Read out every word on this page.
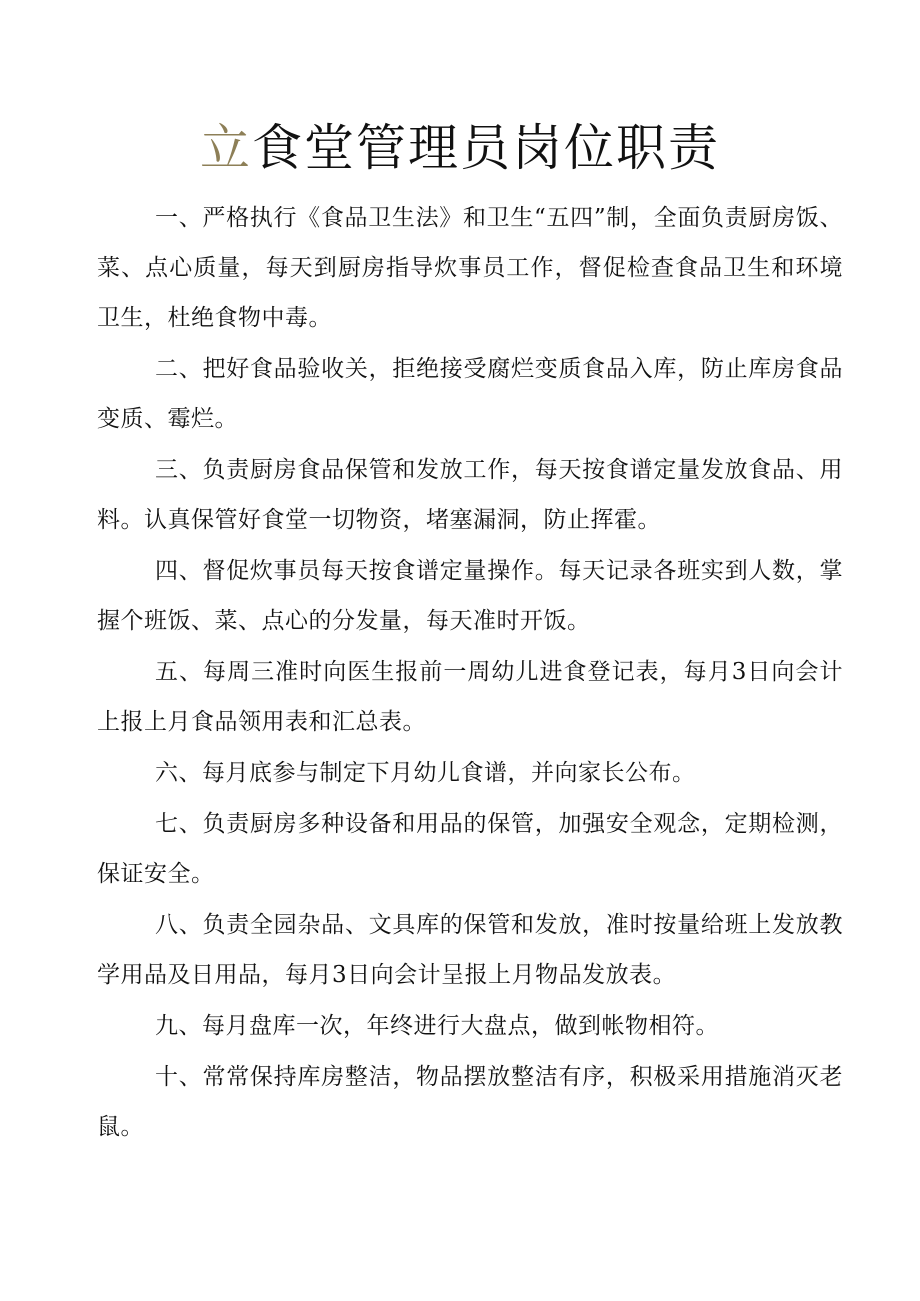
立食堂管理员岗位职责

一、严格执行《食品卫生法》和卫生“五四”制，全面负责厨房饭、菜、点心质量，每天到厨房指导炊事员工作，督促检查食品卫生和环境卫生，杜绝食物中毒。

二、把好食品验收关，拒绝接受腐烂变质食品入库，防止库房食品变质、霉烂。

三、负责厨房食品保管和发放工作，每天按食谱定量发放食品、用料。认真保管好食堂一切物资，堵塞漏洞，防止挥霍。

四、督促炊事员每天按食谱定量操作。每天记录各班实到人数，掌握个班饭、菜、点心的分发量，每天准时开饭。

五、每周三准时向医生报前一周幼儿进食登记表，每月3日向会计上报上月食品领用表和汇总表。

六、每月底参与制定下月幼儿食谱，并向家长公布。

七、负责厨房多种设备和用品的保管，加强安全观念，定期检测，保证安全。

八、负责全园杂品、文具库的保管和发放，准时按量给班上发放教学用品及日用品，每月3日向会计呈报上月物品发放表。

九、每月盘库一次，年终进行大盘点，做到帐物相符。

十、常常保持库房整洁，物品摆放整洁有序，积极采用措施消灭老鼠。
